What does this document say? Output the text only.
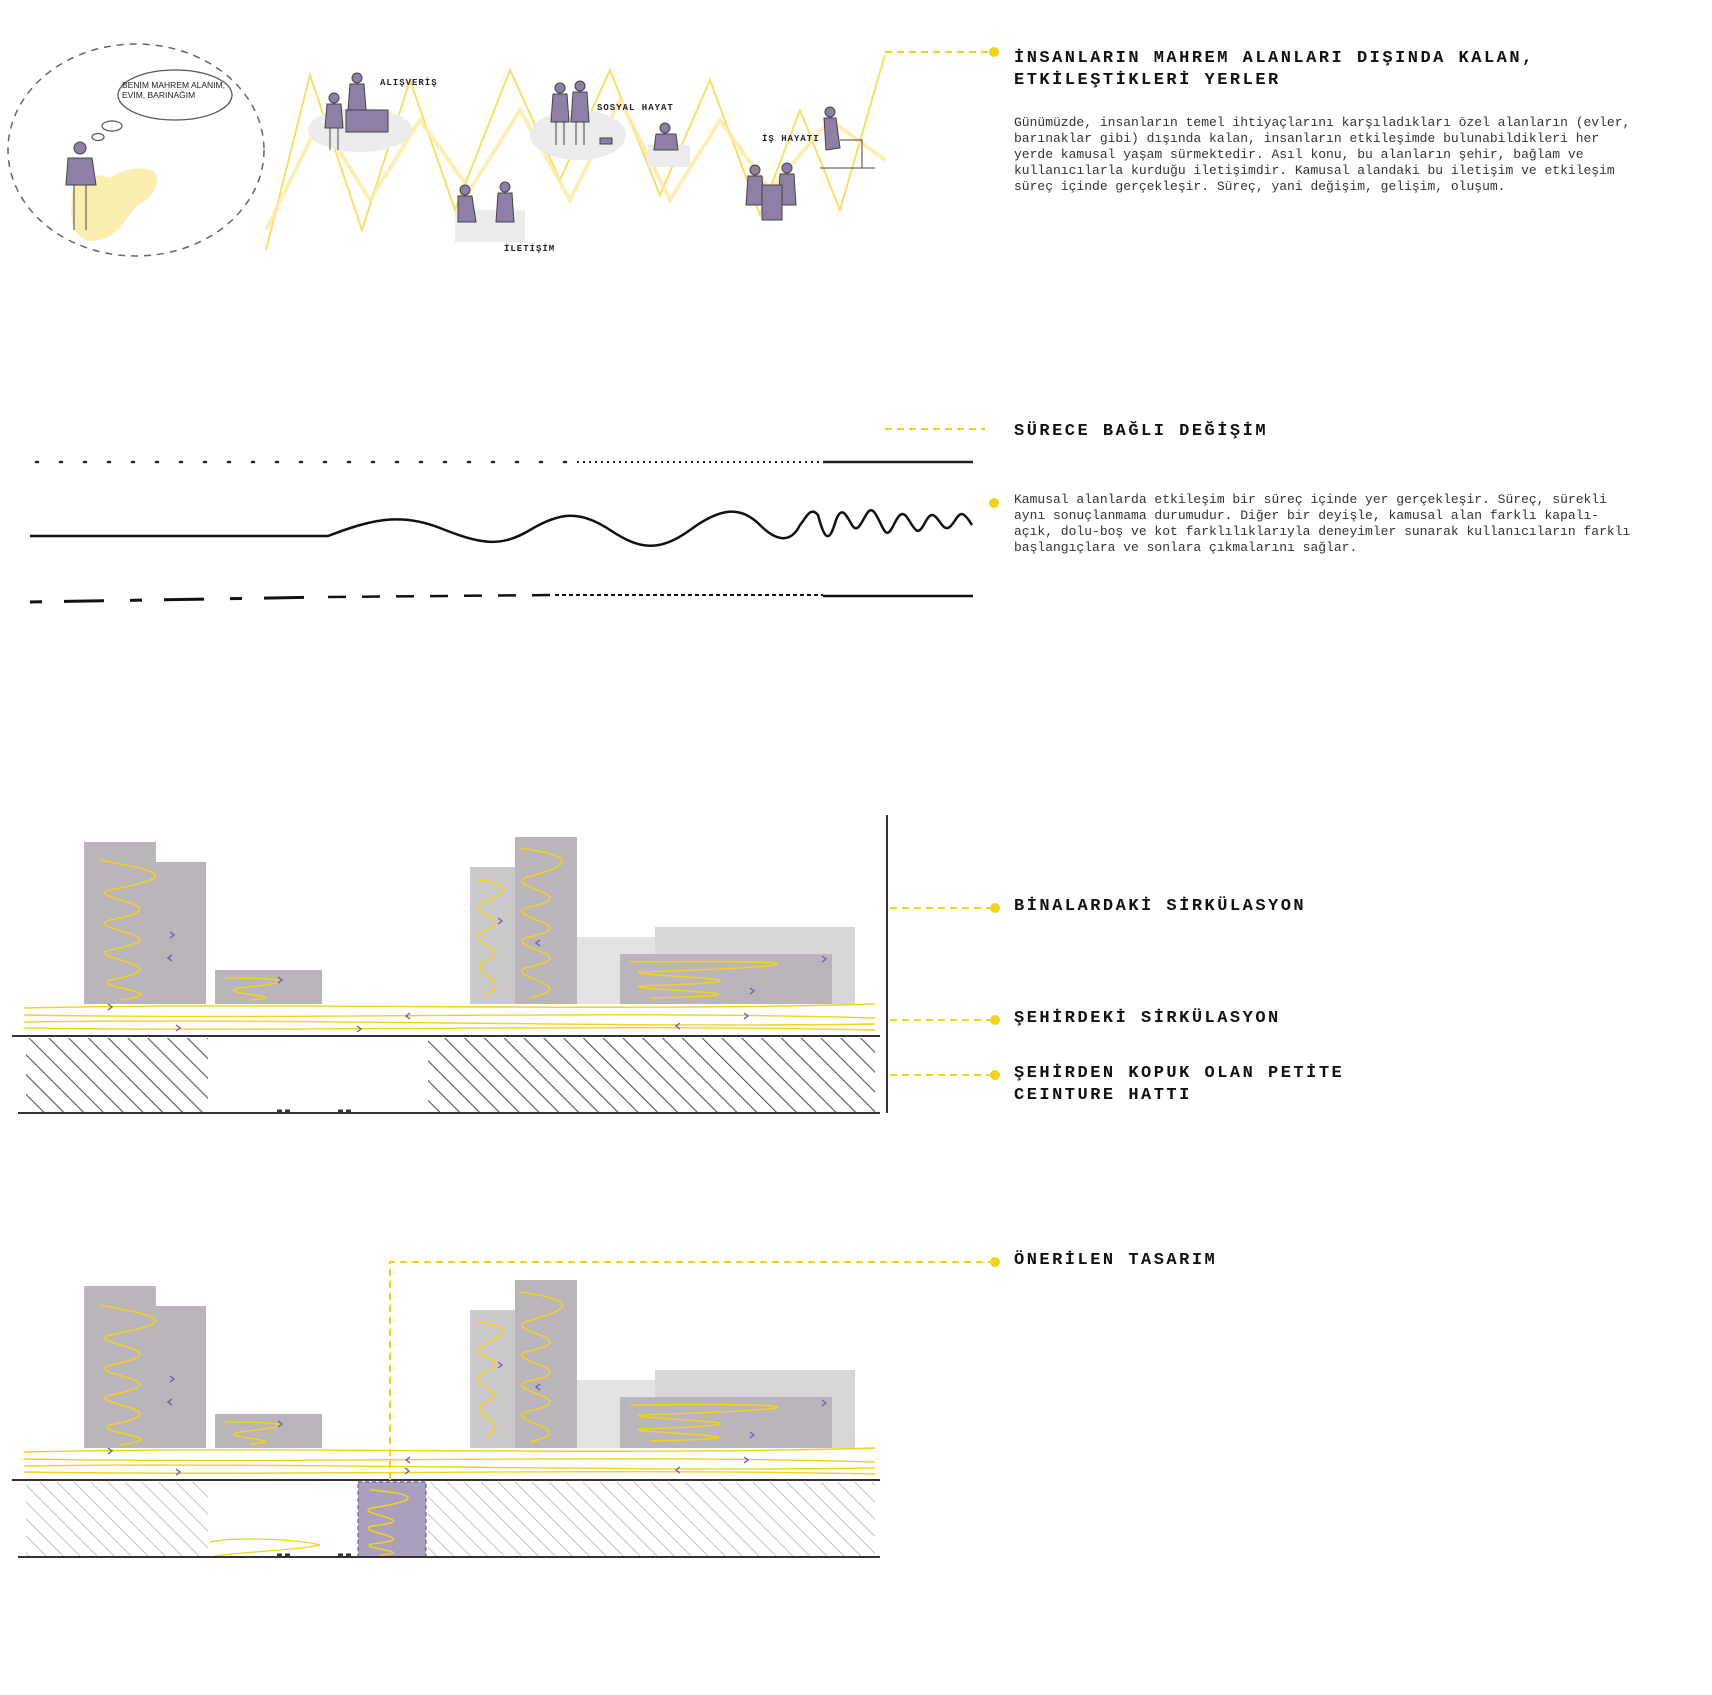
BENİM MAHREM ALANIM, EVİM, BARINAĞIM
ALIŞVERİŞ
İLETİŞİM
SOSYAL HAYAT
İŞ HAYATI
İNSANLARIN MAHREM ALANLARI DIŞINDA KALAN,
ETKİLEŞTİKLERİ YERLER
Günümüzde, insanların temel ihtiyaçlarını karşıladıkları özel alanların (evler, barınaklar gibi) dışında kalan, insanların etkileşimde bulunabildikleri her yerde kamusal yaşam sürmektedir. Asıl konu, bu alanların şehir, bağlam ve kullanıcılarla kurduğu iletişimdir. Kamusal alandaki bu iletişim ve etkileşim süreç içinde gerçekleşir. Süreç, yani değişim, gelişim, oluşum.
SÜRECE BAĞLI DEĞİŞİM
Kamusal alanlarda etkileşim bir süreç içinde yer gerçekleşir. Süreç, sürekli aynı sonuçlanmama durumudur. Diğer bir deyişle, kamusal alan farklı kapalı-açık, dolu-boş ve kot farklılıklarıyla deneyimler sunarak kullanıcıların farklı başlangıçlara ve sonlara çıkmalarını sağlar.
BİNALARDAKİ SİRKÜLASYON
ŞEHİRDEKİ SİRKÜLASYON
ŞEHİRDEN KOPUK OLAN PETİTE
CEINTURE HATTI
ÖNERİLEN TASARIM
